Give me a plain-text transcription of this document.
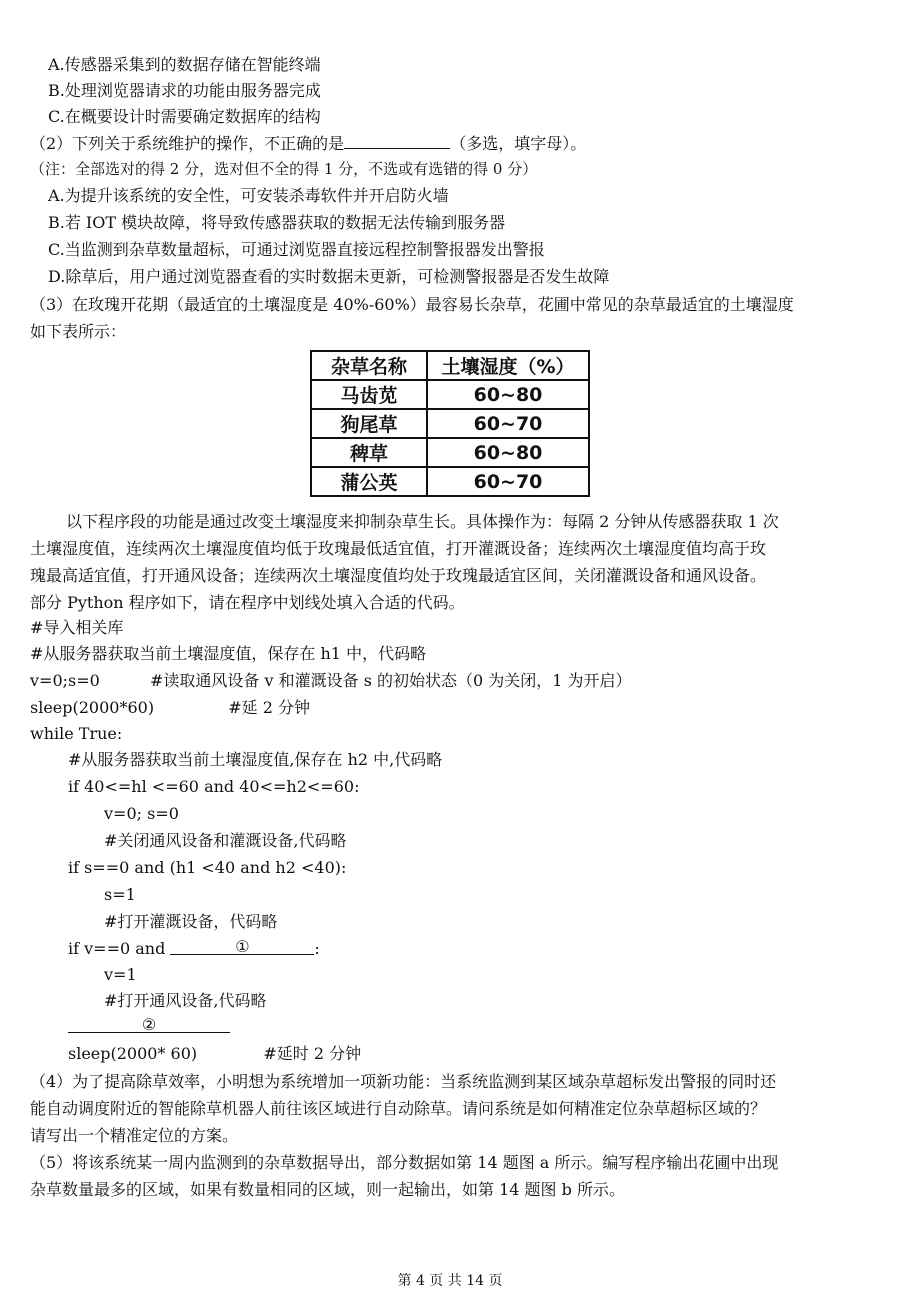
A.传感器采集到的数据存储在智能终端
B.处理浏览器请求的功能由服务器完成
C.在概要设计时需要确定数据库的结构
（2）下列关于系统维护的操作，不正确的是	（多选，填字母）。
（注：全部选对的得 2 分，选对但不全的得 1 分，不选或有选错的得 0 分）
A.为提升该系统的安全性，可安装杀毒软件并开启防火墙
B.若 IOT 模块故障，将导致传感器获取的数据无法传输到服务器
C.当监测到杂草数量超标，可通过浏览器直接远程控制警报器发出警报
D.除草后，用户通过浏览器查看的实时数据未更新，可检测警报器是否发生故障
（3）在玫瑰开花期（最适宜的土壤湿度是 40%-60%）最容易长杂草，花圃中常见的杂草最适宜的土壤湿度
如下表所示：
杂草名称	土壤湿度（%）
马齿苋	60~80
狗尾草	60~70
稗草	60~80
蒲公英	60~70
以下程序段的功能是通过改变土壤湿度来抑制杂草生长。具体操作为：每隔 2 分钟从传感器获取 1 次
土壤湿度值，连续两次土壤湿度值均低于玫瑰最低适宜值，打开灌溉设备；连续两次土壤湿度值均高于玫
瑰最高适宜值，打开通风设备；连续两次土壤湿度值均处于玫瑰最适宜区间，关闭灌溉设备和通风设备。
部分 Python 程序如下，请在程序中划线处填入合适的代码。
#导入相关库
#从服务器获取当前土壤湿度值，保存在 h1 中，代码略
v=0;s=0	#读取通风设备 v 和灌溉设备 s 的初始状态（0 为关闭，1 为开启）
sleep(2000*60)	#延 2 分钟
while True:
#从服务器获取当前土壤湿度值,保存在 h2 中,代码略
if 40<=hl <=60 and 40<=h2<=60:
v=0; s=0
#关闭通风设备和灌溉设备,代码略
if s==0 and (h1 <40 and h2 <40):
s=1
#打开灌溉设备，代码略
if v==0 and	①	:
v=1
#打开通风设备,代码略
②
sleep(2000* 60)	#延时 2 分钟
（4）为了提高除草效率，小明想为系统增加一项新功能：当系统监测到某区域杂草超标发出警报的同时还
能自动调度附近的智能除草机器人前往该区域进行自动除草。请问系统是如何精准定位杂草超标区域的？
请写出一个精准定位的方案。
（5）将该系统某一周内监测到的杂草数据导出，部分数据如第 14 题图 a 所示。编写程序输出花圃中出现
杂草数量最多的区域，如果有数量相同的区域，则一起输出，如第 14 题图 b 所示。
第 4 页 共 14 页
